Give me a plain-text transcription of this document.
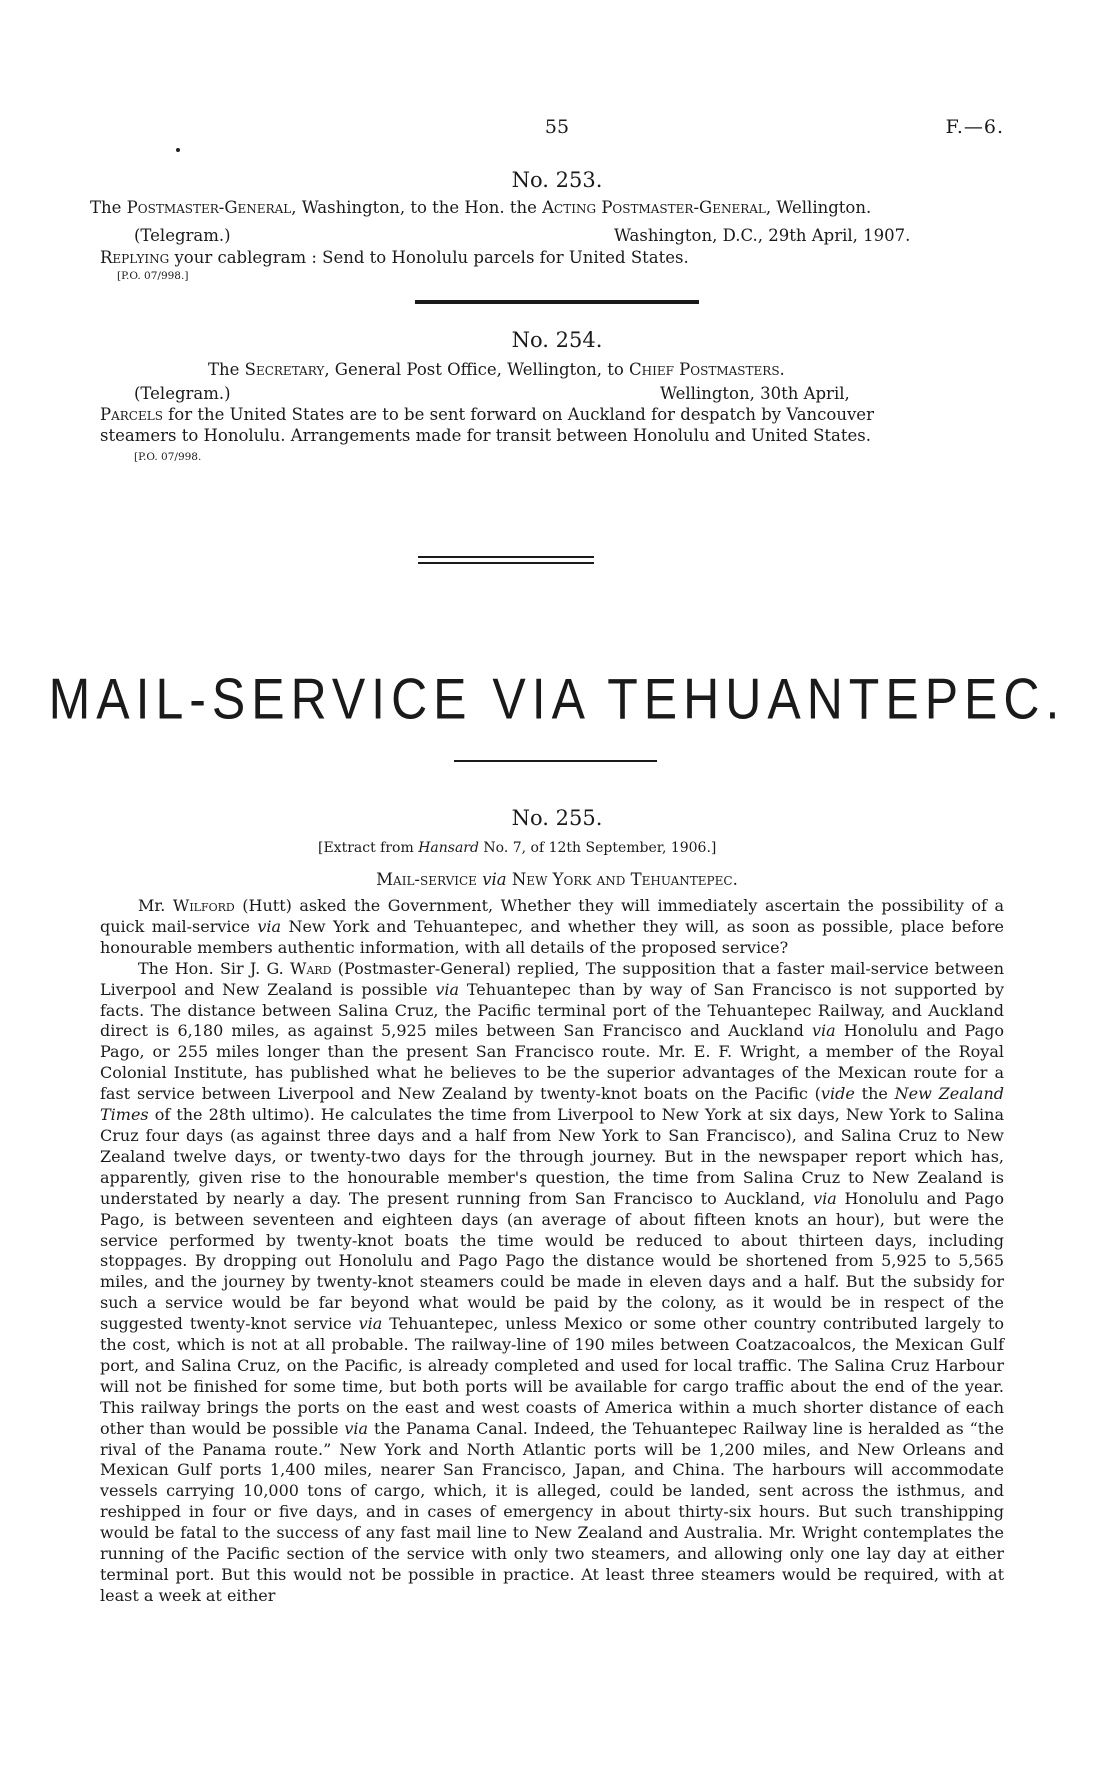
55	F.—6.
No. 253.
The Postmaster-General, Washington, to the Hon. the Acting Postmaster-General, Wellington.
(Telegram.)	Washington, D.C., 29th April, 1907.
Replying your cablegram : Send to Honolulu parcels for United States.
[P.O. 07/998.]
No. 254.
The Secretary, General Post Office, Wellington, to Chief Postmasters.
(Telegram.)	Wellington, 30th April,
Parcels for the United States are to be sent forward on Auckland for despatch by Vancouver
steamers to Honolulu. Arrangements made for transit between Honolulu and United States.
[P.O. 07/998.
MAIL-SERVICE VIA TEHUANTEPEC.
No. 255.
[Extract from Hansard No. 7, of 12th September, 1906.]
Mail-service via New York and Tehuantepec.

Mr. Wilford (Hutt) asked the Government, Whether they will immediately ascertain the possibility of a quick mail-service via New York and Tehuantepec, and whether they will, as soon as possible, place before honourable members authentic information, with all details of the proposed service?

The Hon. Sir J. G. Ward (Postmaster-General) replied, The supposition that a faster mail-service between Liverpool and New Zealand is possible via Tehuantepec than by way of San Francisco is not supported by facts. The distance between Salina Cruz, the Pacific terminal port of the Tehuantepec Railway, and Auckland direct is 6,180 miles, as against 5,925 miles between San Francisco and Auckland via Honolulu and Pago Pago, or 255 miles longer than the present San Francisco route. Mr. E. F. Wright, a member of the Royal Colonial Institute, has published what he believes to be the superior advantages of the Mexican route for a fast service between Liverpool and New Zealand by twenty-knot boats on the Pacific (vide the New Zealand Times of the 28th ultimo). He calculates the time from Liverpool to New York at six days, New York to Salina Cruz four days (as against three days and a half from New York to San Francisco), and Salina Cruz to New Zealand twelve days, or twenty-two days for the through journey. But in the newspaper report which has, apparently, given rise to the honourable member's question, the time from Salina Cruz to New Zealand is understated by nearly a day. The present running from San Francisco to Auckland, via Honolulu and Pago Pago, is between seventeen and eighteen days (an average of about fifteen knots an hour), but were the service performed by twenty-knot boats the time would be reduced to about thirteen days, including stoppages. By dropping out Honolulu and Pago Pago the distance would be shortened from 5,925 to 5,565 miles, and the journey by twenty-knot steamers could be made in eleven days and a half. But the subsidy for such a service would be far beyond what would be paid by the colony, as it would be in respect of the suggested twenty-knot service via Tehuantepec, unless Mexico or some other country contributed largely to the cost, which is not at all probable. The railway-line of 190 miles between Coatzacoalcos, the Mexican Gulf port, and Salina Cruz, on the Pacific, is already completed and used for local traffic. The Salina Cruz Harbour will not be finished for some time, but both ports will be available for cargo traffic about the end of the year. This railway brings the ports on the east and west coasts of America within a much shorter distance of each other than would be possible via the Panama Canal. Indeed, the Tehuantepec Railway line is heralded as “the rival of the Panama route.” New York and North Atlantic ports will be 1,200 miles, and New Orleans and Mexican Gulf ports 1,400 miles, nearer San Francisco, Japan, and China. The harbours will accommodate vessels carrying 10,000 tons of cargo, which, it is alleged, could be landed, sent across the isthmus, and reshipped in four or five days, and in cases of emergency in about thirty-six hours. But such transhipping would be fatal to the success of any fast mail line to New Zealand and Australia. Mr. Wright contemplates the running of the Pacific section of the service with only two steamers, and allowing only one lay day at either terminal port. But this would not be possible in practice. At least three steamers would be required, with at least a week at either
